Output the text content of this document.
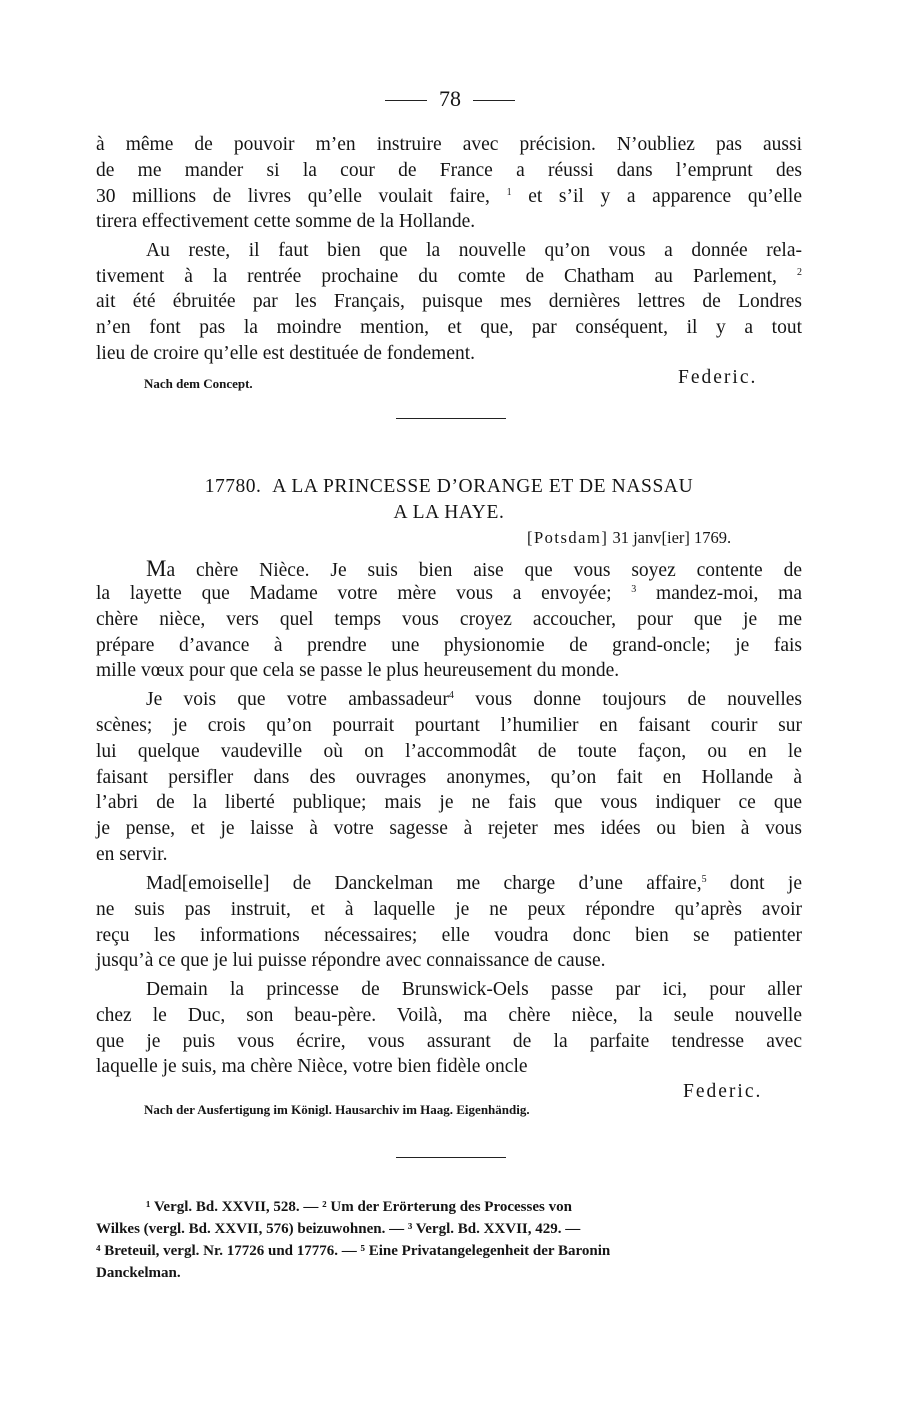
78
à même de pouvoir m’en instruire avec précision. N’oubliez pas aussi
de me mander si la cour de France a réussi dans l’emprunt des
30 millions de livres qu’elle voulait faire, $^1$ et s’il y a apparence qu’elle
tirera effectivement cette somme de la Hollande.
Au reste, il faut bien que la nouvelle qu’on vous a donnée rela-
tivement à la rentrée prochaine du comte de Chatham au Parlement, $^2$
ait été ébruitée par les Français, puisque mes dernières lettres de Londres
n’en font pas la moindre mention, et que, par conséquent, il y a tout
lieu de croire qu’elle est destituée de fondement.
Nach dem Concept.	Federic.
17780. A LA PRINCESSE D’ORANGE ET DE NASSAU
A LA HAYE.
[Potsdam] 31 janv[ier] 1769.
Ma chère Nièce. Je suis bien aise que vous soyez contente de
la layette que Madame votre mère vous a envoyée; $^3$ mandez-moi, ma
chère nièce, vers quel temps vous croyez accoucher, pour que je me
prépare d’avance à prendre une physionomie de grand-oncle; je fais
mille vœux pour que cela se passe le plus heureusement du monde.
Je vois que votre ambassadeur$^4$ vous donne toujours de nouvelles
scènes; je crois qu’on pourrait pourtant l’humilier en faisant courir sur
lui quelque vaudeville où on l’accommodât de toute façon, ou en le
faisant persifler dans des ouvrages anonymes, qu’on fait en Hollande à
l’abri de la liberté publique; mais je ne fais que vous indiquer ce que
je pense, et je laisse à votre sagesse à rejeter mes idées ou bien à vous
en servir.
Mad[emoiselle] de Danckelman me charge d’une affaire,$^5$ dont je
ne suis pas instruit, et à laquelle je ne peux répondre qu’après avoir
reçu les informations nécessaires; elle voudra donc bien se patienter
jusqu’à ce que je lui puisse répondre avec connaissance de cause.
Demain la princesse de Brunswick-Oels passe par ici, pour aller
chez le Duc, son beau-père. Voilà, ma chère nièce, la seule nouvelle
que je puis vous écrire, vous assurant de la parfaite tendresse avec
laquelle je suis, ma chère Nièce, votre bien fidèle oncle
Federic.
Nach der Ausfertigung im Königl. Hausarchiv im Haag. Eigenhändig.
¹ Vergl. Bd. XXVII, 528. — ² Um der Erörterung des Processes von
Wilkes (vergl. Bd. XXVII, 576) beizuwohnen. — ³ Vergl. Bd. XXVII, 429. —
⁴ Breteuil, vergl. Nr. 17726 und 17776. — ⁵ Eine Privatangelegenheit der Baronin
Danckelman.
